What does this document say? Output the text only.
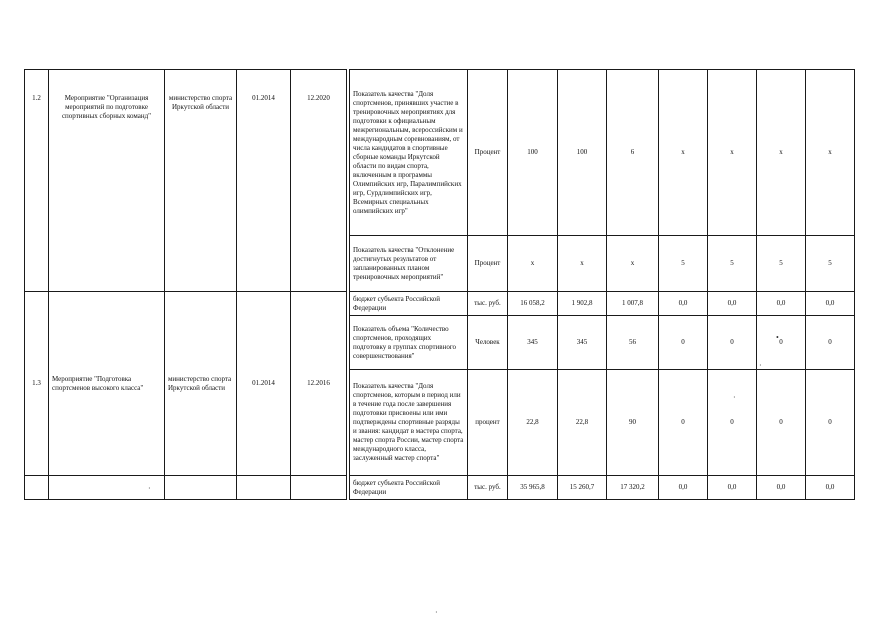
1.2	Мероприятие "Организация мероприятий по подготовке спортивных сборных команд"	министерство спорта Иркутской области	01.2014	12.2020		Показатель качества "Доля спортсменов, принявших участие в тренировочных мероприятиях для подготовки к официальным межрегиональным, всероссийским и международным соревнованиям, от числа кандидатов в спортивные сборные команды Иркутской области по видам спорта, включенным в программы Олимпийских игр, Паралимпийских игр, Сурдлимпийских игр, Всемирных специальных олимпийских игр"	Процент	100	100	6	x	x	x	x
						Показатель качества "Отклонение достигнутых результатов от запланированных планом тренировочных мероприятий"	Процент	x	x	x	5	5	5	5
1.3	Мероприятие "Подготовка спортсменов высокого класса"	министерство спорта Иркутской области	01.2014	12.2016		бюджет субъекта Российской Федерации	тыс. руб.	16 058,2	1 902,8	1 007,8	0,0	0,0	0,0	0,0
						Показатель объема "Количество спортсменов, проходящих подготовку в группах спортивного совершенствования"	Человек	345	345	56	0	0	0	0
						Показатель качества "Доля спортсменов, которым в период или в течение года после завершения подготовки присвоены или ими подтверждены спортивные разряды и звания: кандидат в мастера спорта, мастер спорта России, мастер спорта международного класса, заслуженный мастер спорта"	процент	22,8	22,8	90	0	0	0	0
						бюджет субъекта Российской Федерации	тыс. руб.	35 965,8	15 260,7	17 320,2	0,0	0,0	0,0	0,0
•
·
·
·
·
